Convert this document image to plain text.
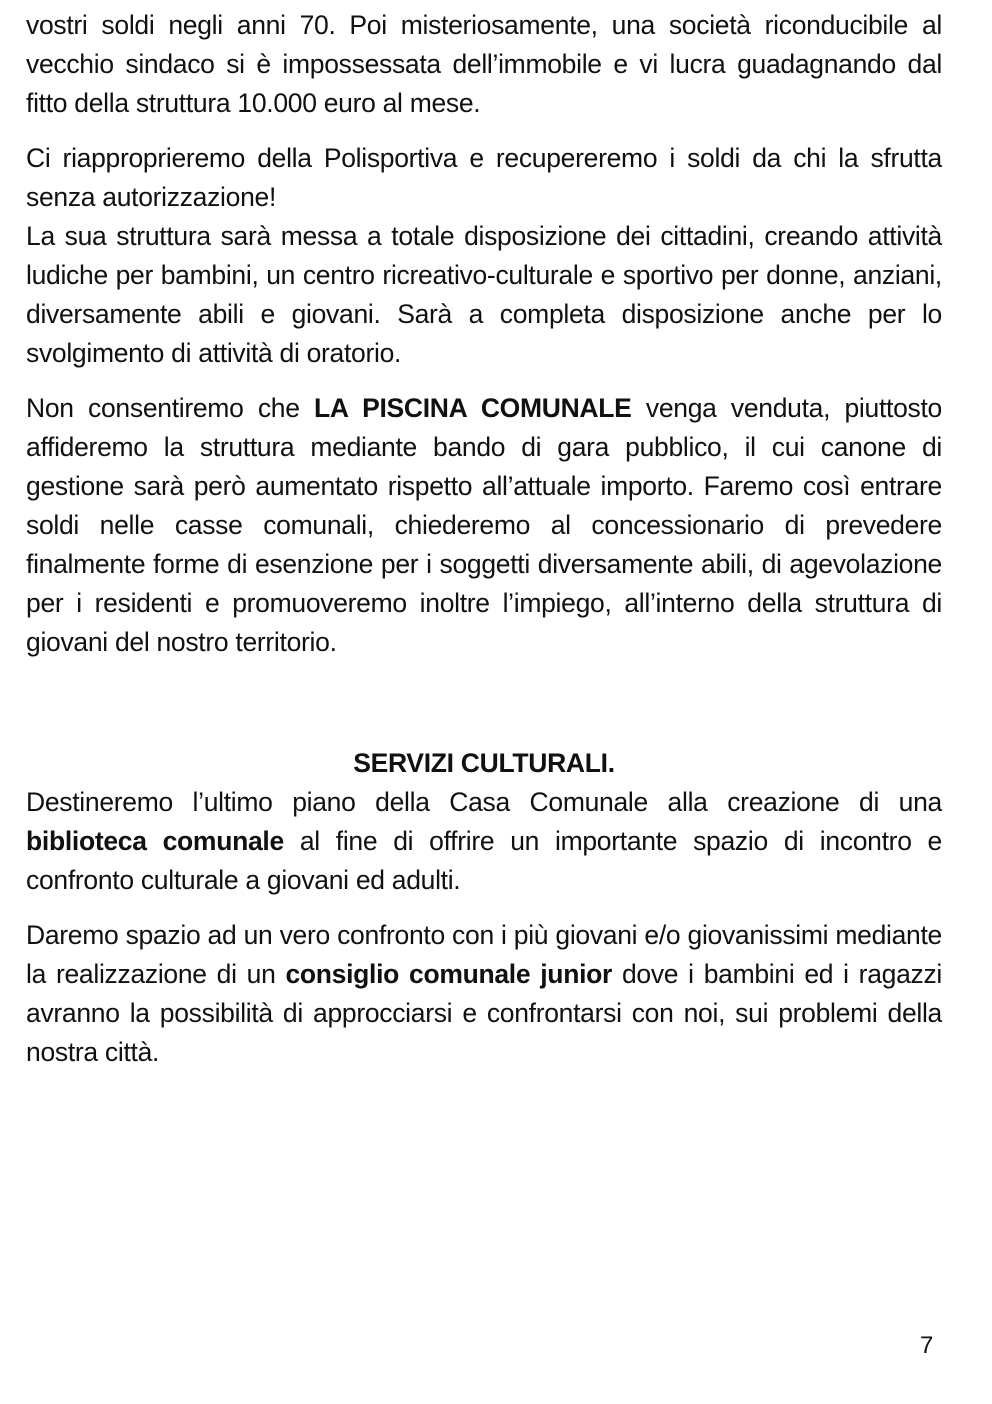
vostri soldi negli anni 70. Poi misteriosamente, una società riconducibile al vecchio sindaco si è impossessata dell’immobile e vi lucra guadagnando dal fitto della struttura 10.000 euro al mese.

Ci riapproprieremo della Polisportiva e recupereremo i soldi da chi la sfrutta senza autorizzazione!

La sua struttura sarà messa a totale disposizione dei cittadini, creando attività ludiche per bambini, un centro ricreativo-culturale e sportivo per donne, anziani, diversamente abili e giovani. Sarà a completa disposizione anche per lo svolgimento di attività di oratorio.

Non consentiremo che LA PISCINA COMUNALE venga venduta, piuttosto affideremo la struttura mediante bando di gara pubblico, il cui canone di gestione sarà però aumentato rispetto all’attuale importo. Faremo così entrare soldi nelle casse comunali, chiederemo al concessionario di prevedere finalmente forme di esenzione per i soggetti diversamente abili, di agevolazione per i residenti e promuoveremo inoltre l’impiego, all’interno della struttura di giovani del nostro territorio.

SERVIZI CULTURALI.

Destineremo l’ultimo piano della Casa Comunale alla creazione di una biblioteca comunale al fine di offrire un importante spazio di incontro e confronto culturale a giovani ed adulti.

Daremo spazio ad un vero confronto con i più giovani e/o giovanissimi mediante la realizzazione di un consiglio comunale junior dove i bambini ed i ragazzi avranno la possibilità di approcciarsi e confrontarsi con noi, sui problemi della nostra città.

7
